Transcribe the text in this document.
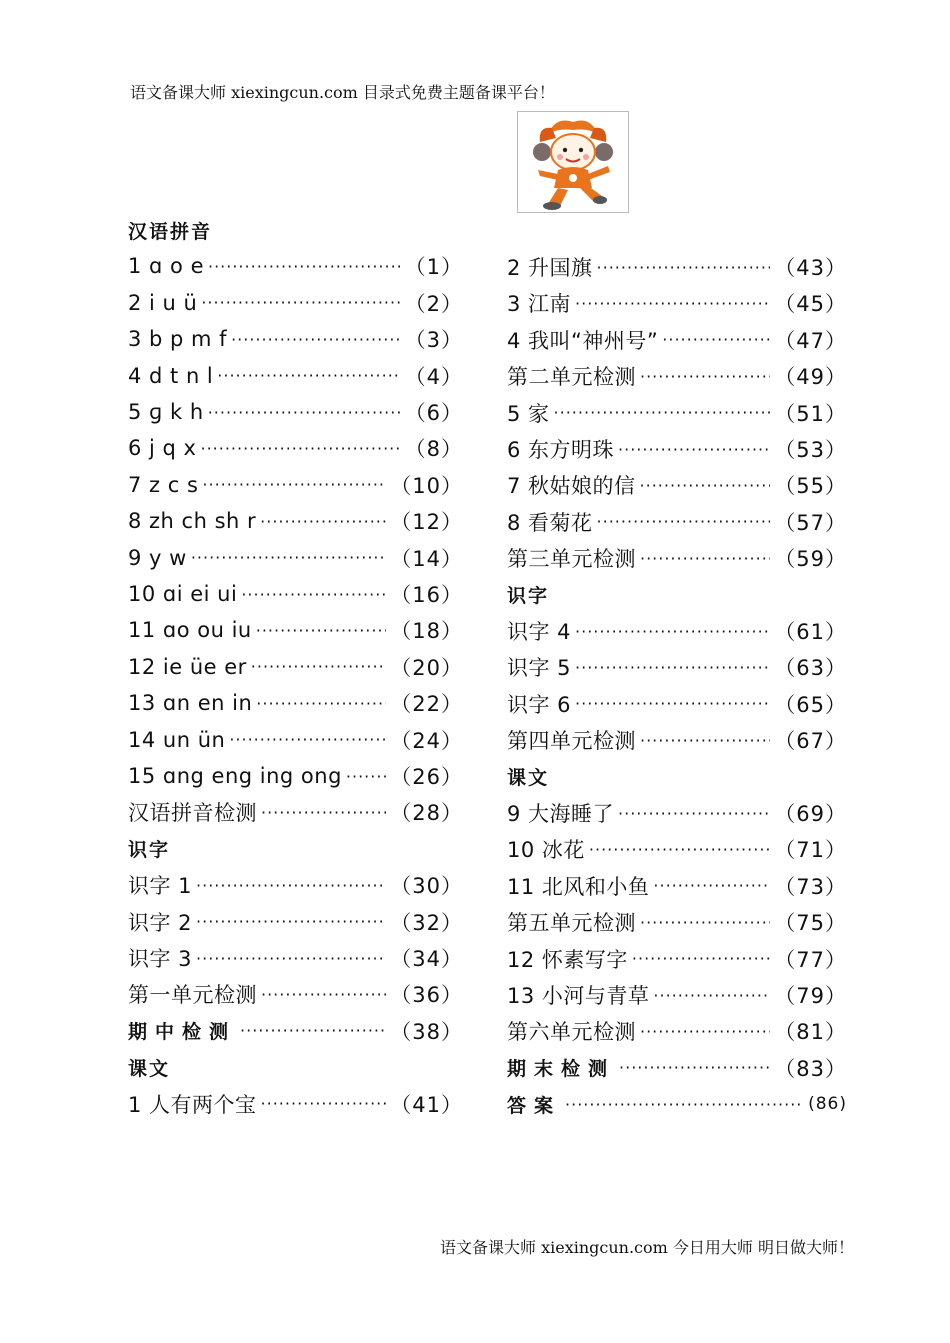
语文备课大师 xiexingcun.com 目录式免费主题备课平台！
汉语拼音
1 ɑ o e ·····	（1）
2 i u ü ·····	（2）
3 b p m f ·····	（3）
4 d t n l ·····	（4）
5 ɡ k h ·····	（6）
6 j q x ·····	（8）
7 z c s ·····	（10）
8 zh ch sh r ·····	（12）
9 y w ·····	（14）
10 ɑi ei ui ·····	（16）
11 ɑo ou iu ·····	（18）
12 ie üe er ·····	（20）
13 ɑn en in ·····	（22）
14 un ün ·····	（24）
15 ɑng eng ing ong ····· （26）
汉语拼音检测 ·····	（28）
识字
识字 1 ·····	（30）
识字 2 ·····	（32）
识字 3 ·····	（34）
第一单元检测 ·····	（36）
期中检测 ·····	（38）
课文
1 人有两个宝 ·····	（41）
2 升国旗 ·····	（43）
3 江南 ·····	（45）
4 我叫“神州号” ·····	（47）
第二单元检测 ·····	（49）
5 家 ·····	（51）
6 东方明珠 ·····	（53）
7 秋姑娘的信 ·····	（55）
8 看菊花 ·····	（57）
第三单元检测 ·····	（59）
识字
识字 4 ·····	（61）
识字 5 ·····	（63）
识字 6 ·····	（65）
第四单元检测 ·····	（67）
课文
9 大海睡了 ·····	（69）
10 冰花 ·····	（71）
11 北风和小鱼 ·····	（73）
第五单元检测 ·····	（75）
12 怀素写字 ·····	（77）
13 小河与青草 ·····	（79）
第六单元检测 ·····	（81）
期末检测 ·····	（83）
答案 ·····	(86)
语文备课大师 xiexingcun.com 今日用大师 明日做大师！
